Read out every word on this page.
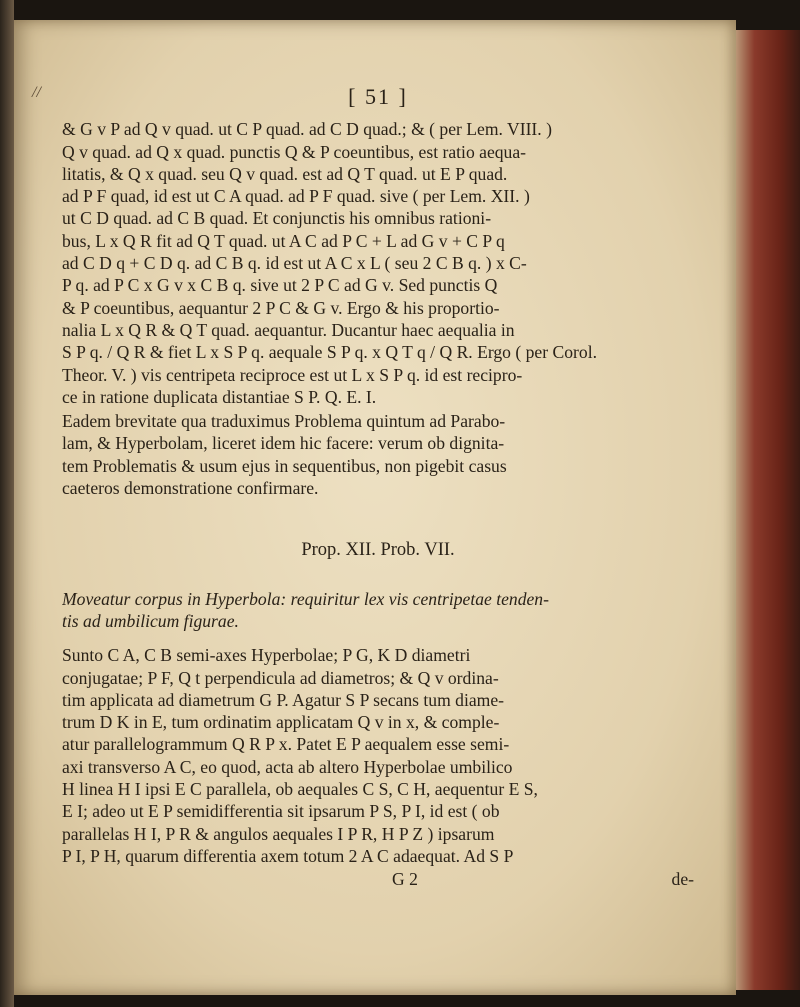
//	[ 51 ]
& G v P ad Q v quad. ut C P quad. ad C D quad.; & ( per Lem. VIII. )
Q v quad. ad Q x quad. punctis Q & P coeuntibus, est ratio aequa-
litatis, & Q x quad. seu Q v quad. est ad Q T quad. ut E P quad.
ad P F quad, id est ut C A quad. ad P F quad. sive ( per Lem. XII. )
ut C D quad. ad C B quad. Et conjunctis his omnibus rationi-
bus, L x Q R fit ad Q T quad. ut A C ad P C + L ad G v + C P q
ad C D q + C D q. ad C B q. id est ut A C x L ( seu 2 C B q. ) x C-
P q. ad P C x G v x C B q. sive ut 2 P C ad G v. Sed punctis Q
& P coeuntibus, aequantur 2 P C & G v. Ergo & his proportio-
nalia L x Q R & Q T quad. aequantur. Ducantur haec aequalia in
S P q. / Q R & fiet L x S P q. aequale S P q. x Q T q / Q R. Ergo ( per Corol.
Theor. V. ) vis centripeta reciproce est ut L x S P q. id est recipro-
ce in ratione duplicata distantiae S P. Q. E. I.
Eadem brevitate qua traduximus Problema quintum ad Parabo-
lam, & Hyperbolam, liceret idem hic facere: verum ob dignita-
tem Problematis & usum ejus in sequentibus, non pigebit casus
caeteros demonstratione confirmare.
Prop. XII. Prob. VII.
Moveatur corpus in Hyperbola: requiritur lex vis centripetae tenden-
tis ad umbilicum figurae.
Sunto C A, C B semi-axes Hyperbolae; P G, K D diametri
conjugatae; P F, Q t perpendicula ad diametros; & Q v ordina-
tim applicata ad diametrum G P. Agatur S P secans tum diame-
trum D K in E, tum ordinatim applicatam Q v in x, & comple-
atur parallelogrammum Q R P x. Patet E P aequalem esse semi-
axi transverso A C, eo quod, acta ab altero Hyperbolae umbilico
H linea H I ipsi E C parallela, ob aequales C S, C H, aequentur E S,
E I; adeo ut E P semidifferentia sit ipsarum P S, P I, id est ( ob
parallelas H I, P R & angulos aequales I P R, H P Z ) ipsarum
P I, P H, quarum differentia axem totum 2 A C adaequat. Ad S P
G 2	de-
